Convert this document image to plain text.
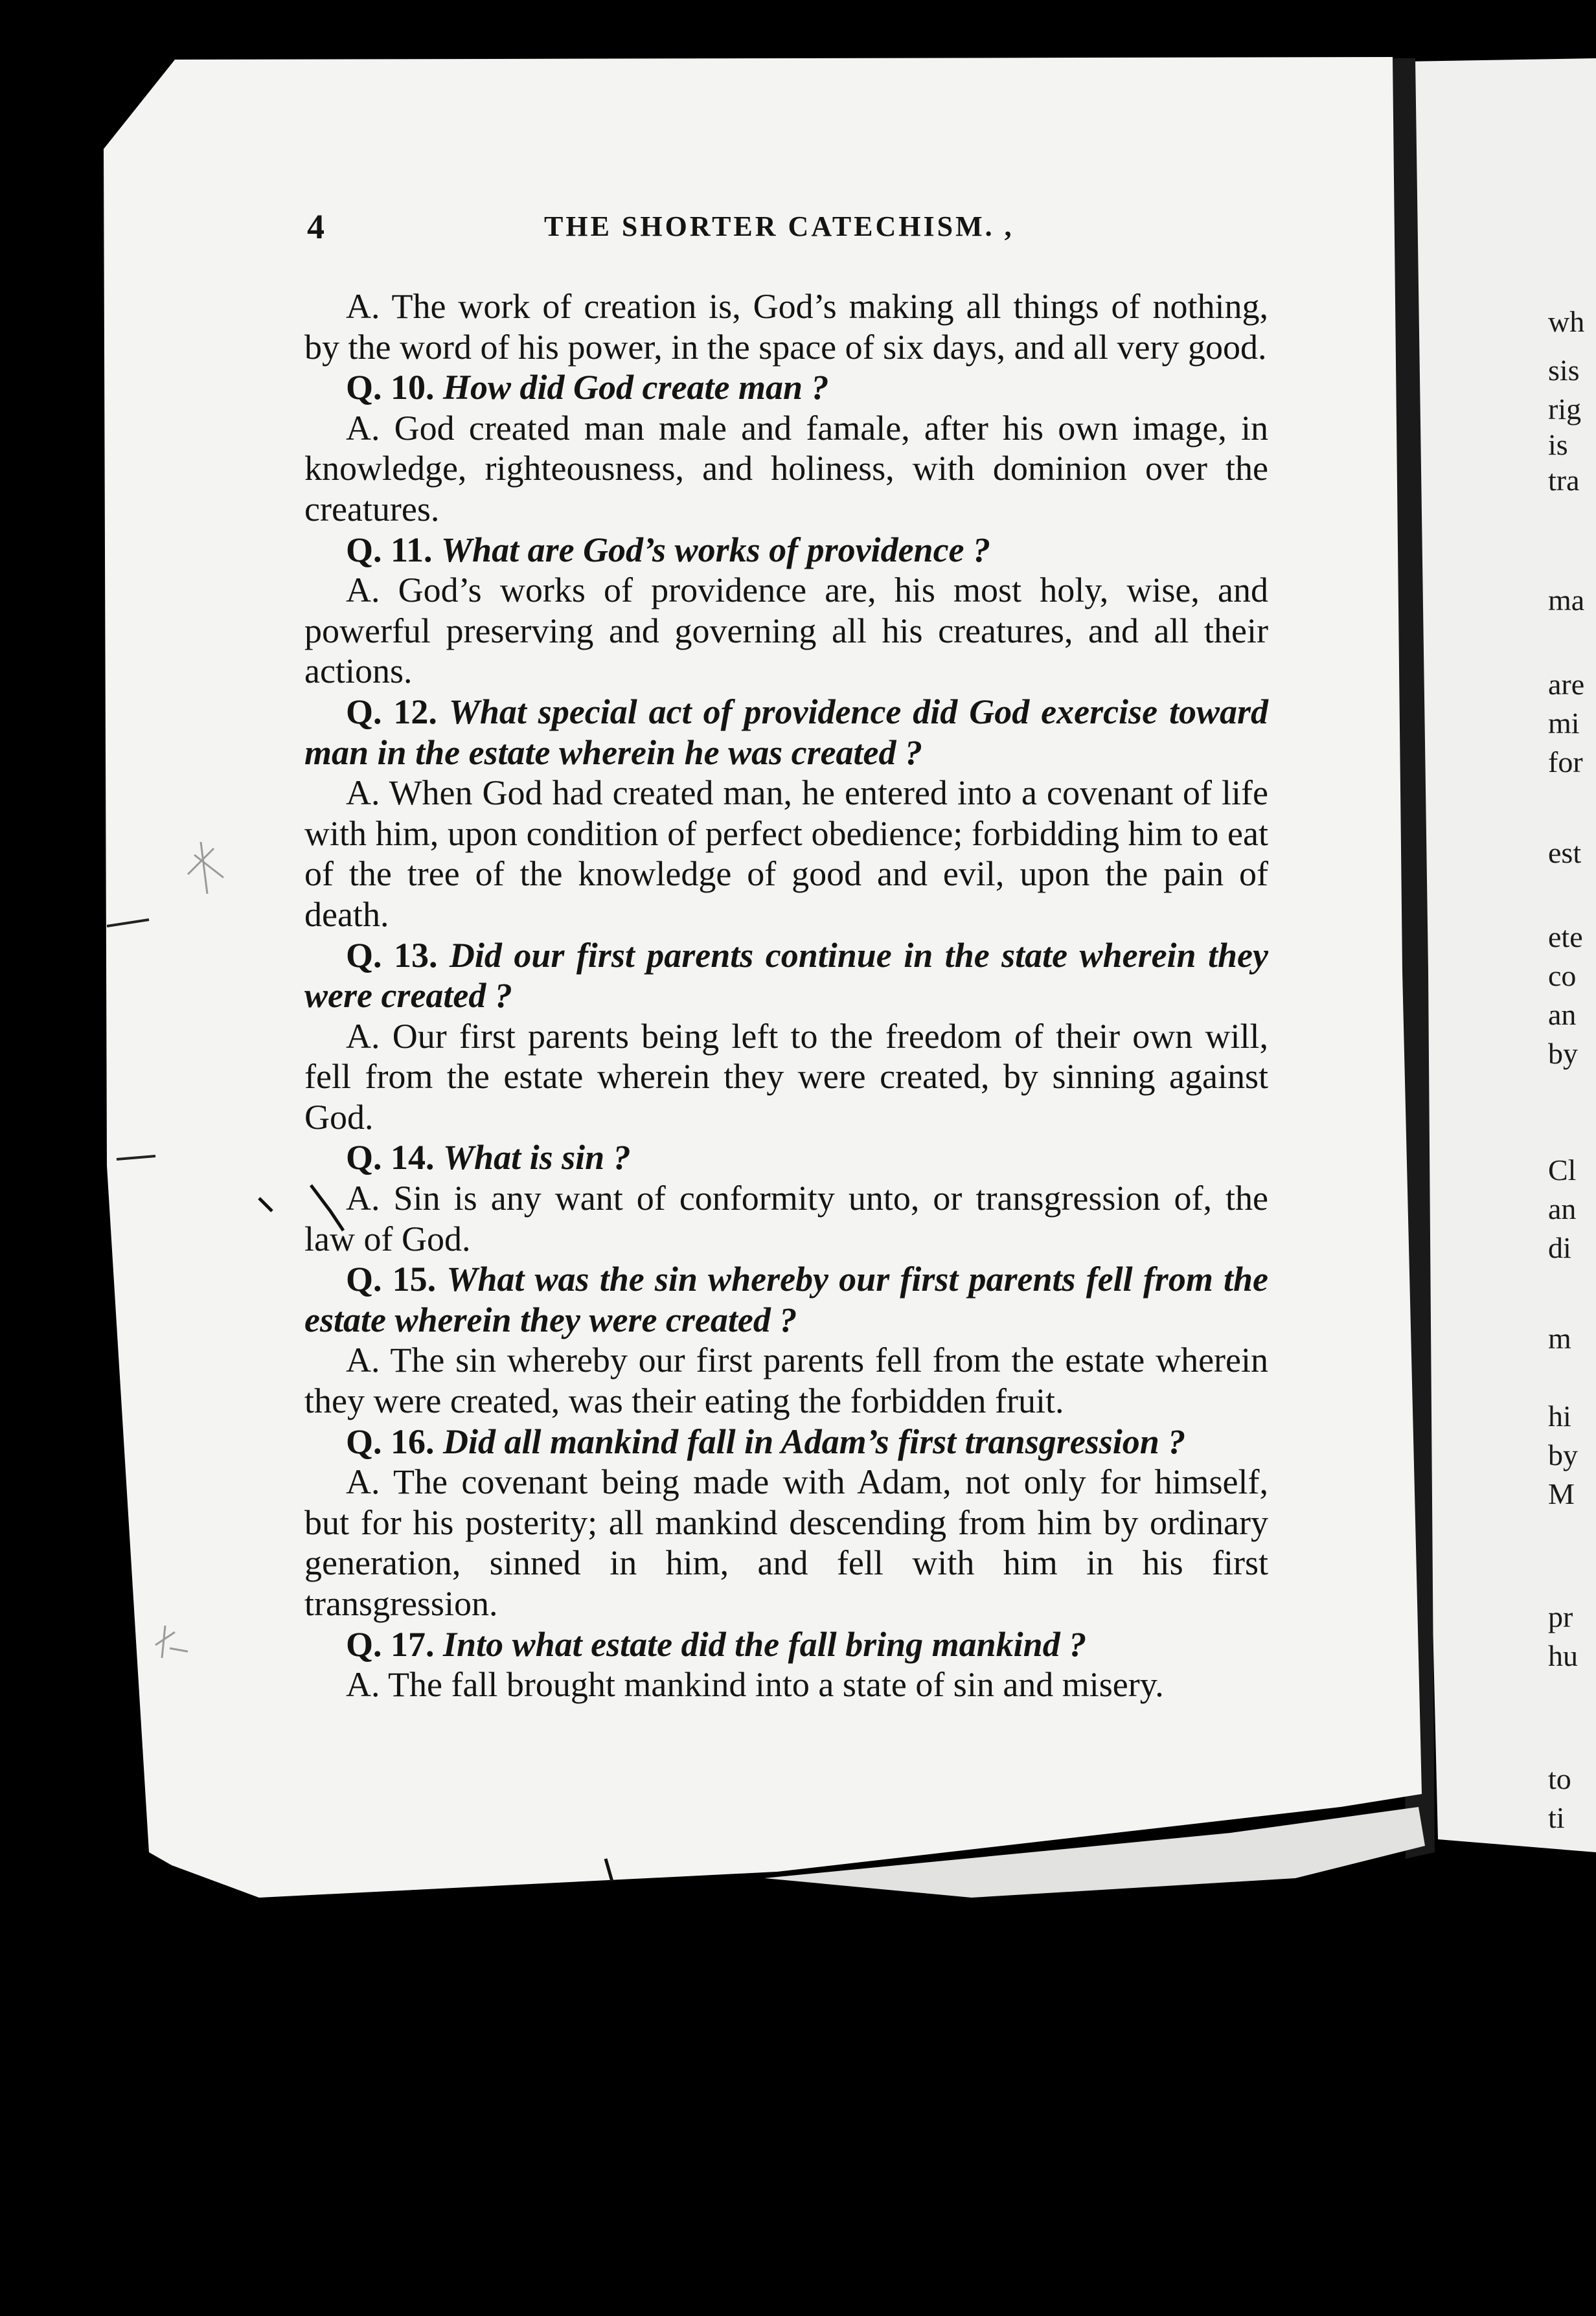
4	THE SHORTER CATECHISM. ,

A. The work of creation is, God’s making all things of nothing, by the word of his power, in the space of six days, and all very good.

Q. 10. How did God create man ?

A. God created man male and famale, after his own image, in knowledge, righteousness, and holiness, with dominion over the creatures.

Q. 11. What are God’s works of providence ?

A. God’s works of providence are, his most holy, wise, and powerful preserving and governing all his creatures, and all their actions.

Q. 12. What special act of providence did God exercise toward man in the estate wherein he was created ?

A. When God had created man, he entered into a covenant of life with him, upon condition of perfect obedience; forbidding him to eat of the tree of the knowledge of good and evil, upon the pain of death.

Q. 13. Did our first parents continue in the state wherein they were created ?

A. Our first parents being left to the freedom of their own will, fell from the estate wherein they were created, by sinning against God.

Q. 14. What is sin ?

A. Sin is any want of conformity unto, or transgression of, the law of God.

Q. 15. What was the sin whereby our first parents fell from the estate wherein they were created ?

A. The sin whereby our first parents fell from the estate wherein they were created, was their eating the forbidden fruit.

Q. 16. Did all mankind fall in Adam’s first transgression ?

A. The covenant being made with Adam, not only for himself, but for his posterity; all mankind descending from him by ordinary generation, sinned in him, and fell with him in his first transgression.

Q. 17. Into what estate did the fall bring mankind ?

A. The fall brought mankind into a state of sin and misery.

wh
sis
rig
is
tra
ma
are
mi
for
est
ete
co
an
by
Cl
an
di
m
hi
by
M
pr
hu
to
ti
